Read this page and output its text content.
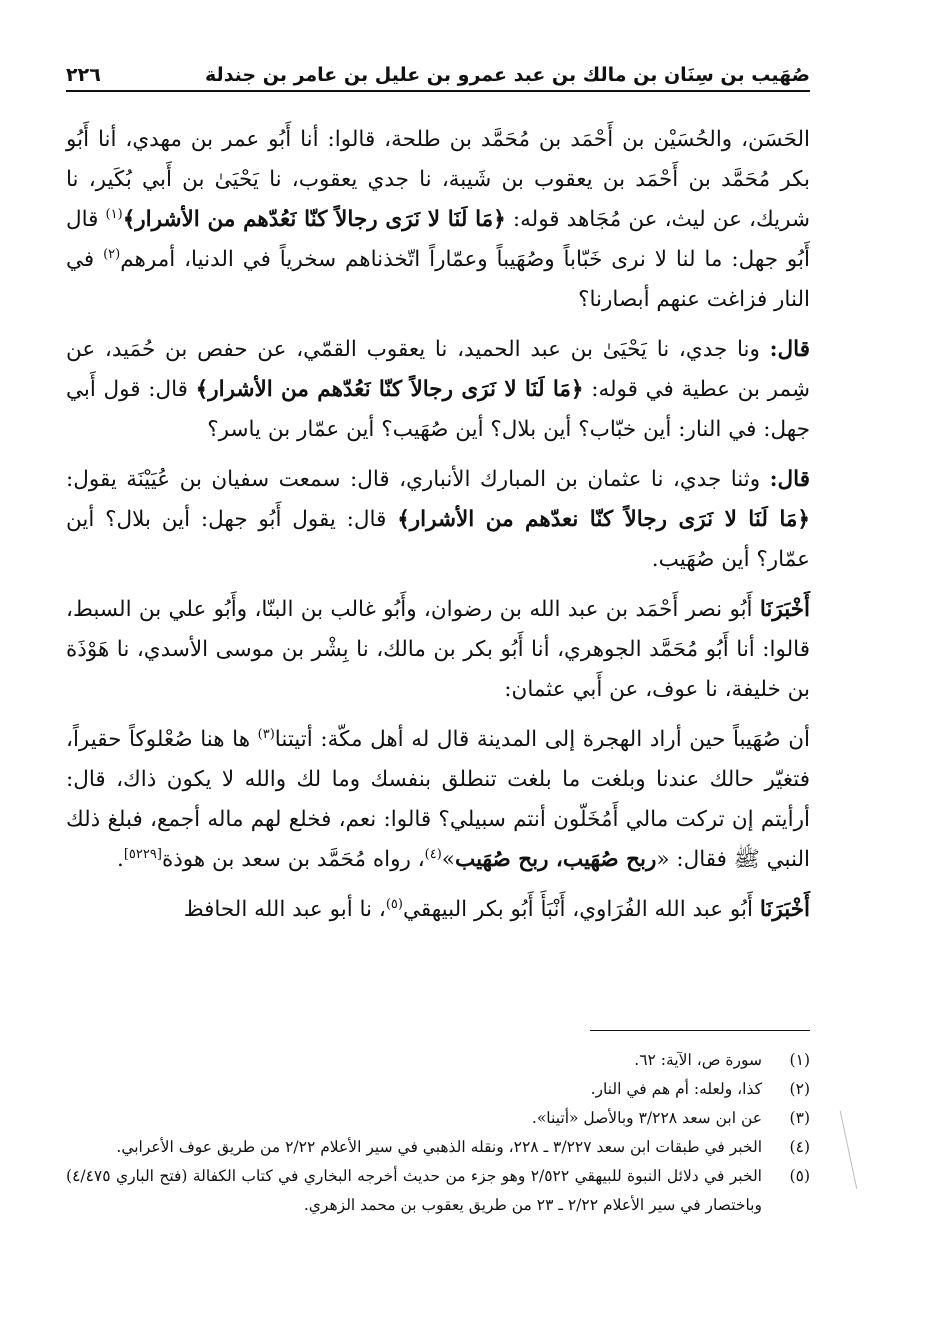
صُهَيب بن سِنَان بن مالك بن عبد عمرو بن عليل بن عامر بن جندلة
٢٢٦

الحَسَن، والحُسَيْن بن أَحْمَد بن مُحَمَّد بن طلحة، قالوا: أنا أَبُو عمر بن مهدي، أنا أَبُو بكر مُحَمَّد بن أَحْمَد بن يعقوب بن شَيبة، نا جدي يعقوب، نا يَحْيَىٰ بن أَبي بُكَير، نا شريك، عن ليث، عن مُجَاهد قوله: ﴿مَا لَنَا لا نَرَى رجالاً كنّا نَعُدّهم من الأشرار﴾$^{(١)}$ قال أَبُو جهل: ما لنا لا نرى خَبّاباً وصُهَيباً وعمّاراً اتّخذناهم سخرياً في الدنيا، أمرهم$^{(٢)}$ في النار فزاغت عنهم أبصارنا؟

قال: ونا جدي، نا يَحْيَىٰ بن عبد الحميد، نا يعقوب القمّي، عن حفص بن حُمَيد، عن شِمر بن عطية في قوله: ﴿مَا لَنَا لا نَرَى رجالاً كنّا نَعُدّهم من الأشرار﴾ قال: قول أَبي جهل: في النار: أين خبّاب؟ أين بلال؟ أين صُهَيب؟ أين عمّار بن ياسر؟

قال: وثنا جدي، نا عثمان بن المبارك الأنباري، قال: سمعت سفيان بن عُيَيْنَة يقول: ﴿مَا لَنَا لا نَرَى رجالاً كنّا نعدّهم من الأشرار﴾ قال: يقول أَبُو جهل: أين بلال؟ أين عمّار؟ أين صُهَيب.

أَخْبَرَنَا أَبُو نصر أَحْمَد بن عبد الله بن رضوان، وأَبُو غالب بن البنّا، وأَبُو علي بن السبط، قالوا: أنا أَبُو مُحَمَّد الجوهري، أنا أَبُو بكر بن مالك، نا بِشْر بن موسى الأسدي، نا هَوْذَة بن خليفة، نا عوف، عن أَبي عثمان:

أن صُهَيباً حين أراد الهجرة إلى المدينة قال له أهل مكّة: أتيتنا$^{(٣)}$ ها هنا صُعْلوكاً حقيراً، فتغيّر حالك عندنا وبلغت ما بلغت تنطلق بنفسك وما لك والله لا يكون ذاك، قال: أرأيتم إن تركت مالي أَمُخَلّون أنتم سبيلي؟ قالوا: نعم، فخلع لهم ماله أجمع، فبلغ ذلك النبي ﷺ فقال: «ربح صُهَيب، ربح صُهَيب»$^{(٤)}$، رواه مُحَمَّد بن سعد بن هوذة[٥٢٢٩].

أَخْبَرَنَا أَبُو عبد الله الفُرَاوي، أَنْبَأَ أَبُو بكر البيهقي$^{(٥)}$، نا أبو عبد الله الحافظ

(١)
سورة ص، الآية: ٦٢.
(٢)
كذا، ولعله: أم هم في النار.
(٣)
عن ابن سعد ٣/٢٢٨ وبالأصل «أتينا».
(٤)
الخبر في طبقات ابن سعد ٣/٢٢٧ ـ ٢٢٨، ونقله الذهبي في سير الأعلام ٢/٢٢ من طريق عوف الأعرابي.
(٥)
الخبر في دلائل النبوة للبيهقي ٢/٥٢٢ وهو جزء من حديث أخرجه البخاري في كتاب الكفالة (فتح الباري ٤/٤٧٥) وباختصار في سير الأعلام ٢/٢٢ ـ ٢٣ من طريق يعقوب بن محمد الزهري.
